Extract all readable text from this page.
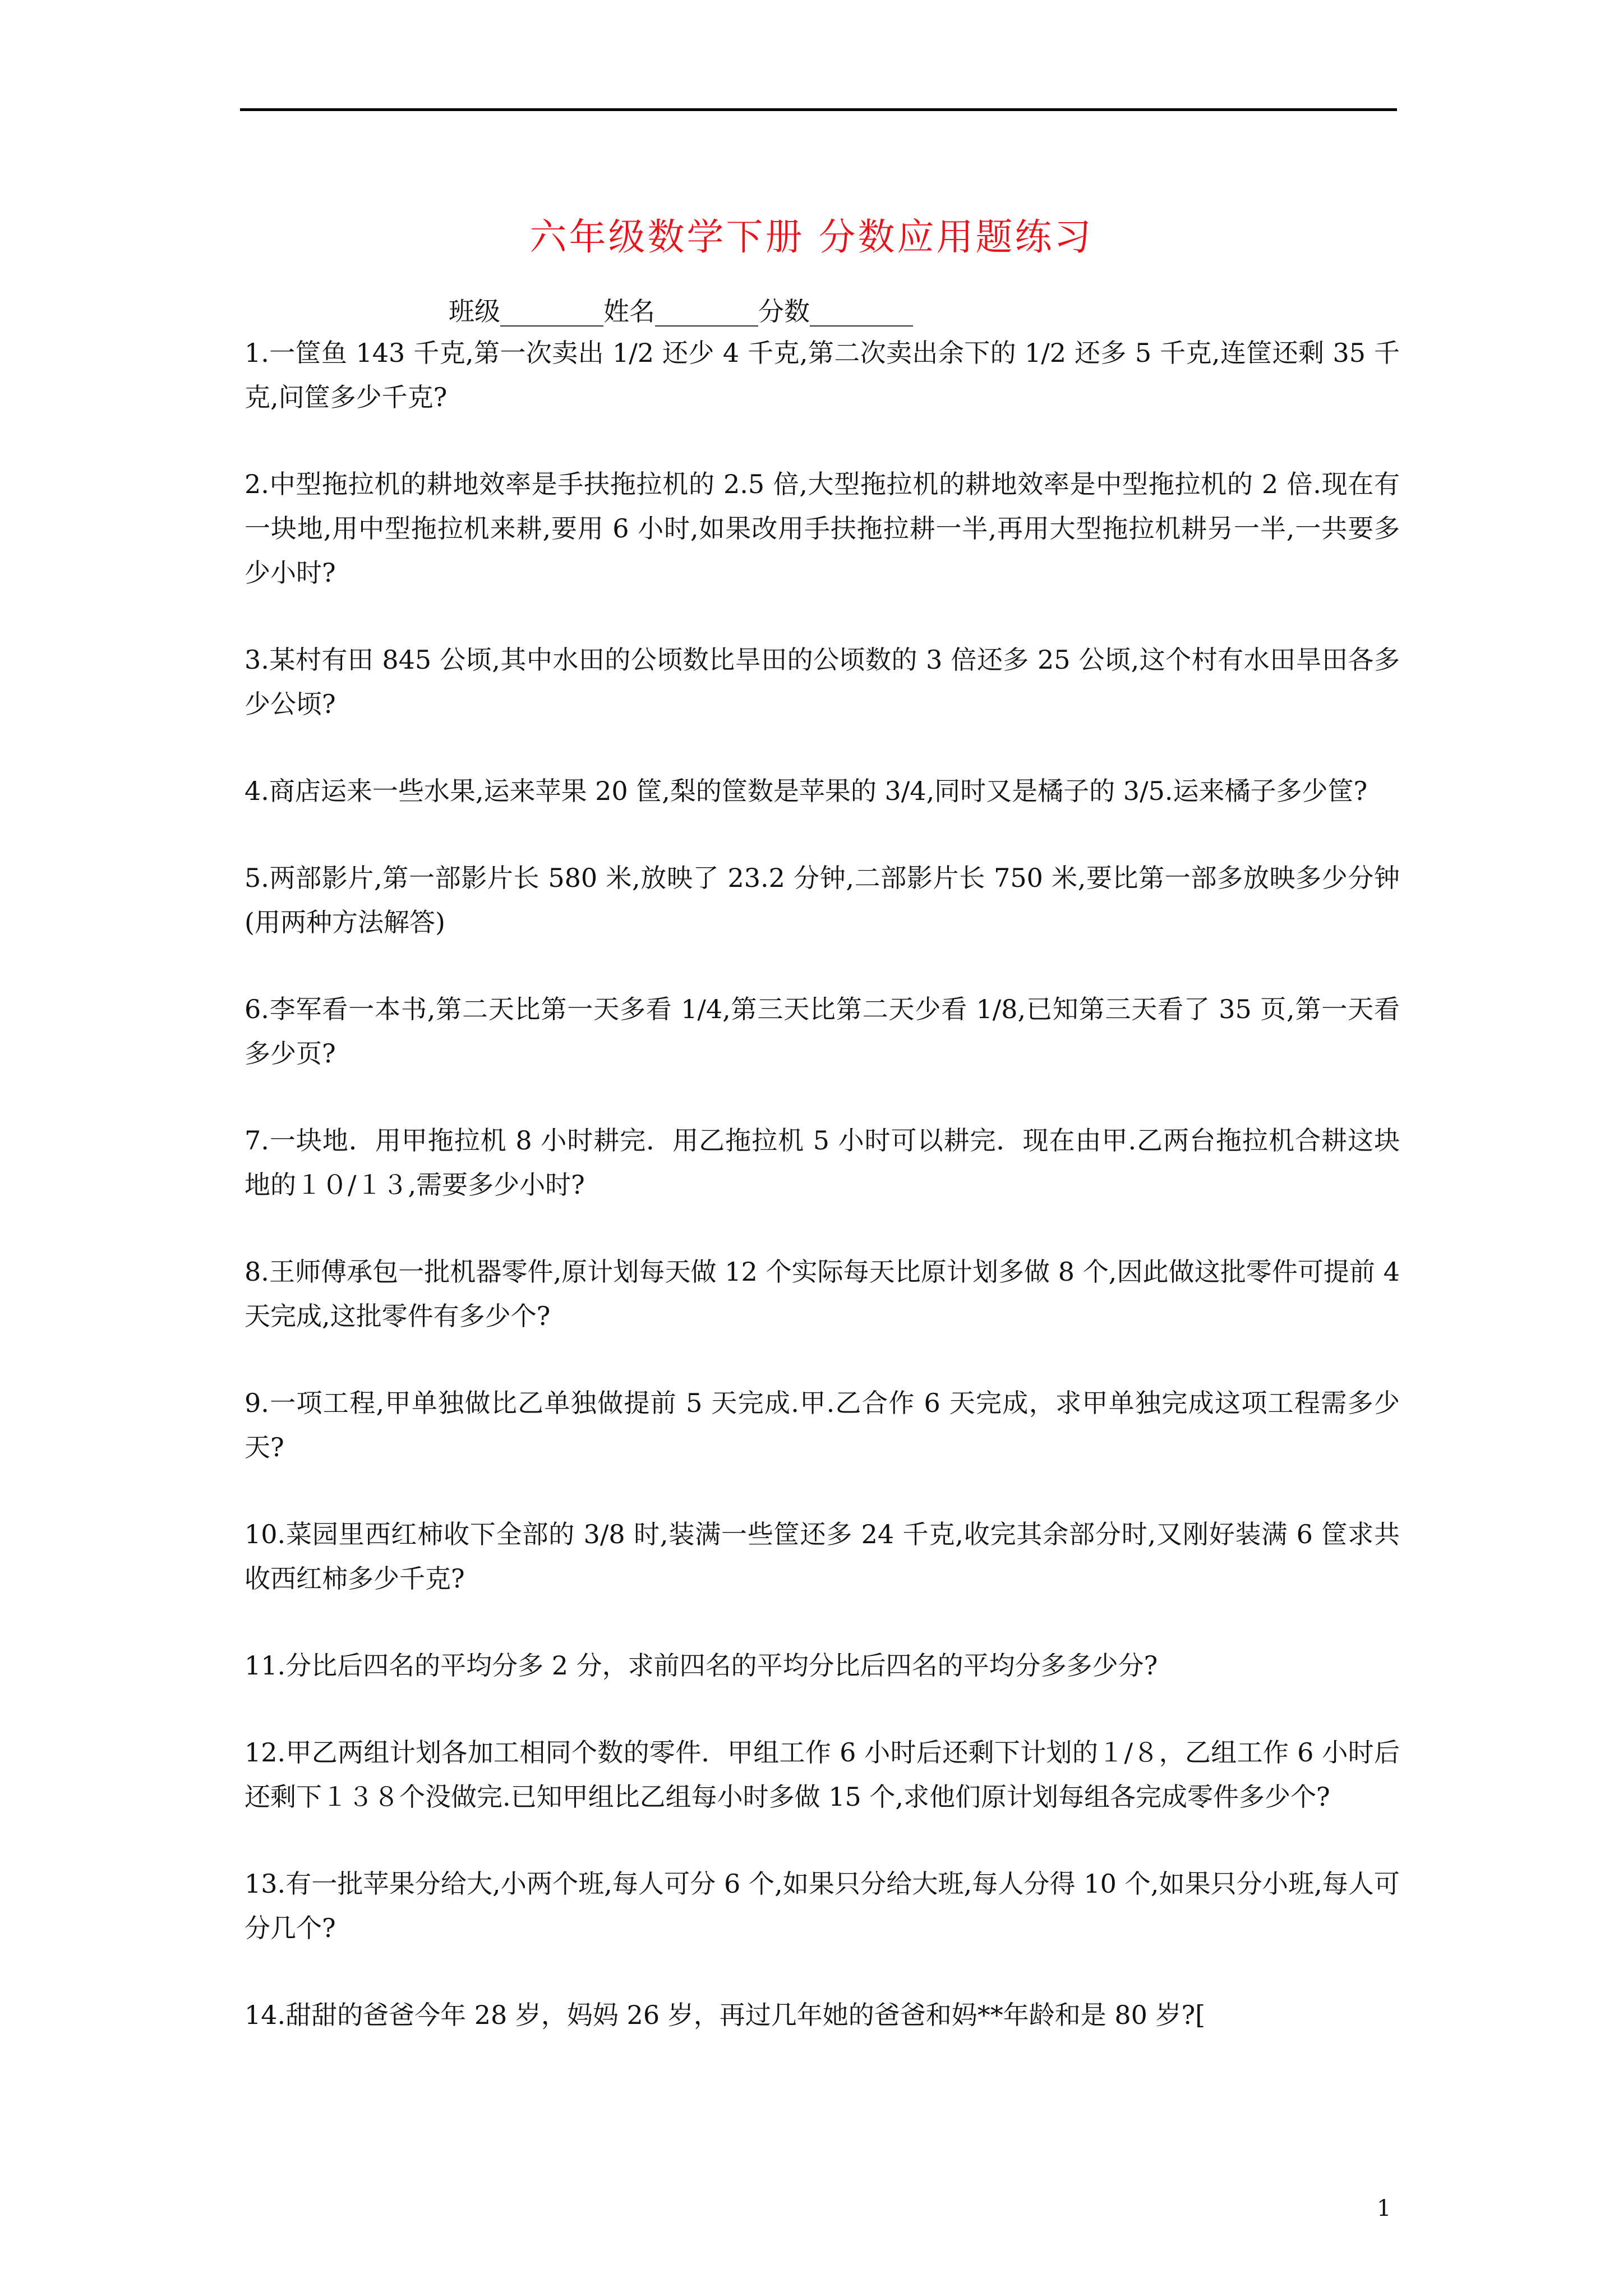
六年级数学下册 分数应用题练习
班级________姓名________分数________
1.一筐鱼 143 千克,第一次卖出 1/2 还少 4 千克,第二次卖出余下的 1/2 还多 5 千克,连筐还剩 35 千克,问筐多少千克?
2.中型拖拉机的耕地效率是手扶拖拉机的 2.5 倍,大型拖拉机的耕地效率是中型拖拉机的 2 倍.现在有一块地,用中型拖拉机来耕,要用 6 小时,如果改用手扶拖拉耕一半,再用大型拖拉机耕另一半,一共要多少小时?
3.某村有田 845 公顷,其中水田的公顷数比旱田的公顷数的 3 倍还多 25 公顷,这个村有水田旱田各多少公顷?
4.商店运来一些水果,运来苹果 20 筐,梨的筐数是苹果的 3/4,同时又是橘子的 3/5.运来橘子多少筐?
5.两部影片,第一部影片长 580 米,放映了 23.2 分钟,二部影片长 750 米,要比第一部多放映多少分钟(用两种方法解答)
6.李军看一本书,第二天比第一天多看 1/4,第三天比第二天少看 1/8,已知第三天看了 35 页,第一天看多少页?
7.一块地．用甲拖拉机 8 小时耕完．用乙拖拉机 5 小时可以耕完．现在由甲.乙两台拖拉机合耕这块地的１０/１３,需要多少小时?
8.王师傅承包一批机器零件,原计划每天做 12 个实际每天比原计划多做 8 个,因此做这批零件可提前 4 天完成,这批零件有多少个?
9.一项工程,甲单独做比乙单独做提前 5 天完成.甲.乙合作 6 天完成，求甲单独完成这项工程需多少天?
10.菜园里西红柿收下全部的 3/8 时,装满一些筐还多 24 千克,收完其余部分时,又刚好装满 6 筐求共收西红柿多少千克?
11.分比后四名的平均分多 2 分，求前四名的平均分比后四名的平均分多多少分?
12.甲乙两组计划各加工相同个数的零件．甲组工作 6 小时后还剩下计划的１/８，乙组工作 6 小时后还剩下１３８个没做完.已知甲组比乙组每小时多做 15 个,求他们原计划每组各完成零件多少个?
13.有一批苹果分给大,小两个班,每人可分 6 个,如果只分给大班,每人分得 10 个,如果只分小班,每人可分几个?
14.甜甜的爸爸今年 28 岁，妈妈 26 岁，再过几年她的爸爸和妈**年龄和是 80 岁?[
1
